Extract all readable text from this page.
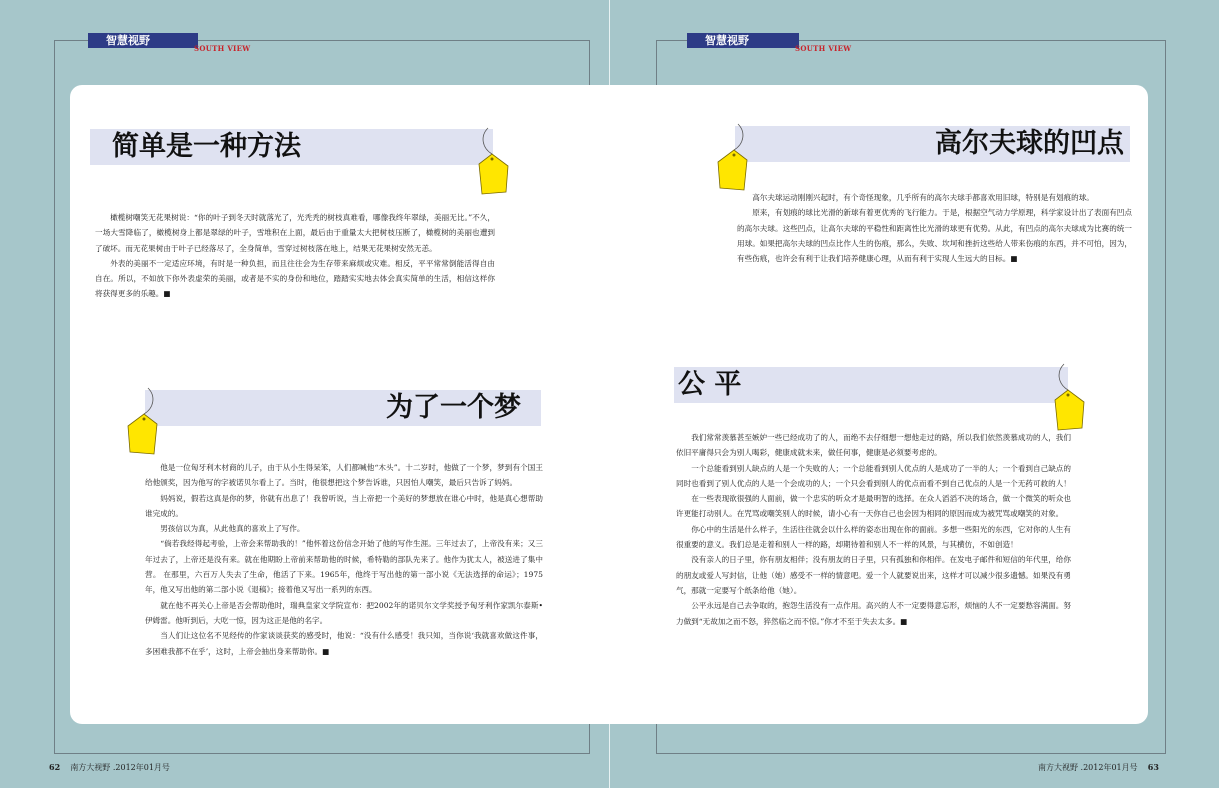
智慧视野
SOUTH VIEW
智慧视野
SOUTH VIEW
简单是一种方法

橄榄树嘲笑无花果树说：“你的叶子到冬天时就落光了，光秃秃的树枝真难看，哪像我终年翠绿，美丽无比。”不久，一场大雪降临了，橄榄树身上都是翠绿的叶子，雪堆积在上面，最后由于重量太大把树枝压断了，橄榄树的美丽也遭到了破坏。而无花果树由于叶子已经落尽了，全身简单，雪穿过树枝落在地上，结果无花果树安然无恙。

外表的美丽不一定适应环境，有时是一种负担，而且往往会为生存带来麻烦或灾难。相反，平平常常倒能活得自由自在。所以，不如放下你外表虚荣的美丽，或者是不实的身份和地位，踏踏实实地去体会真实简单的生活，相信这样你将获得更多的乐趣。■

高尔夫球的凹点

高尔夫球运动刚刚兴起时，有个奇怪现象，几乎所有的高尔夫球手都喜欢用旧球，特别是有划痕的球。

原来，有划痕的球比光滑的新球有着更优秀的飞行能力。于是，根据空气动力学原理，科学家设计出了表面有凹点的高尔夫球。这些凹点，让高尔夫球的平稳性和距离性比光滑的球更有优势。从此，有凹点的高尔夫球成为比赛的统一用球。如果把高尔夫球的凹点比作人生的伤痕，那么，失败、坎坷和挫折这些给人带来伤痕的东西，并不可怕，因为，有些伤痕，也许会有利于让我们培养健康心理，从而有利于实现人生远大的目标。■

为了一个梦

他是一位匈牙利木材商的儿子，由于从小生得呆笨，人们都喊他“木头”。十二岁时，他做了一个梦，梦到有个国王给他颁奖，因为他写的字被诺贝尔看上了。当时，他很想把这个梦告诉谁，只因怕人嘲笑，最后只告诉了妈妈。

妈妈说，假若这真是你的梦，你就有出息了！我曾听说，当上帝把一个美好的梦想放在谁心中时，他是真心想帮助谁完成的。

男孩信以为真，从此他真的喜欢上了写作。

“倘若我经得起考验，上帝会来帮助我的！”他怀着这份信念开始了他的写作生涯。三年过去了，上帝没有来；又三年过去了，上帝还是没有来。就在他期盼上帝前来帮助他的时候，希特勒的部队先来了。他作为犹太人，被送进了集中营。 在那里，六百万人失去了生命，他活了下来。1965年，他终于写出他的第一部小说《无法选择的命运》；1975年，他又写出他的第二部小说《退稿》；接着他又写出一系列的东西。

就在他不再关心上帝是否会帮助他时，瑞典皇家文学院宣布：把2002年的诺贝尔文学奖授予匈牙利作家凯尔泰斯•伊姆雷。他听到后，大吃一惊，因为这正是他的名字。

当人们让这位名不见经传的作家谈谈获奖的感受时，他说：“没有什么感受！我只知，当你说‘我就喜欢做这件事，多困难我都不在乎’，这时，上帝会抽出身来帮助你。■

公 平

我们常常羡慕甚至嫉妒一些已经成功了的人，而绝不去仔细想一想他走过的路，所以我们依然羡慕成功的人，我们依旧平庸得只会为别人喝彩，健康成就未来，做任何事，健康是必须要考虑的。

一个总能看到别人缺点的人是一个失败的人；一个总能看到别人优点的人是成功了一半的人；一个看到自己缺点的同时也看到了别人优点的人是一个会成功的人；一个只会看到别人的优点而看不到自己优点的人是一个无药可救的人！

在一些表现欲很强的人面前，做一个忠实的听众才是最明智的选择。在众人滔滔不决的场合，做一个微笑的听众也许更能打动别人。在咒骂或嘲笑别人的时候，请小心有一天你自己也会因为相同的原因而成为被咒骂或嘲笑的对象。

你心中的生活是什么样子，生活往往就会以什么样的姿态出现在你的面前。多想一些阳光的东西，它对你的人生有很重要的意义。我们总是走着和别人一样的路，却期待着和别人不一样的风景，与其横仿，不如创造！

没有亲人的日子里，你有朋友相伴；没有朋友的日子里，只有孤独和你相伴。在发电子邮件和短信的年代里，给你的朋友或爱人写封信，让他（她）感受不一样的情意吧。爱一个人就要说出来，这样才可以减少很多遗憾。如果没有勇气，那就一定要写个纸条给他（她）。

公平永远是自己去争取的，抱怨生活没有一点作用。高兴的人不一定要得意忘形，烦恼的人不一定要愁容满面。努力做到“无故加之而不怒，猝然临之而不惊。”你才不至于失去太多。■

62 南方大视野 .2012年01月号	南方大视野 .2012年01月号 63
